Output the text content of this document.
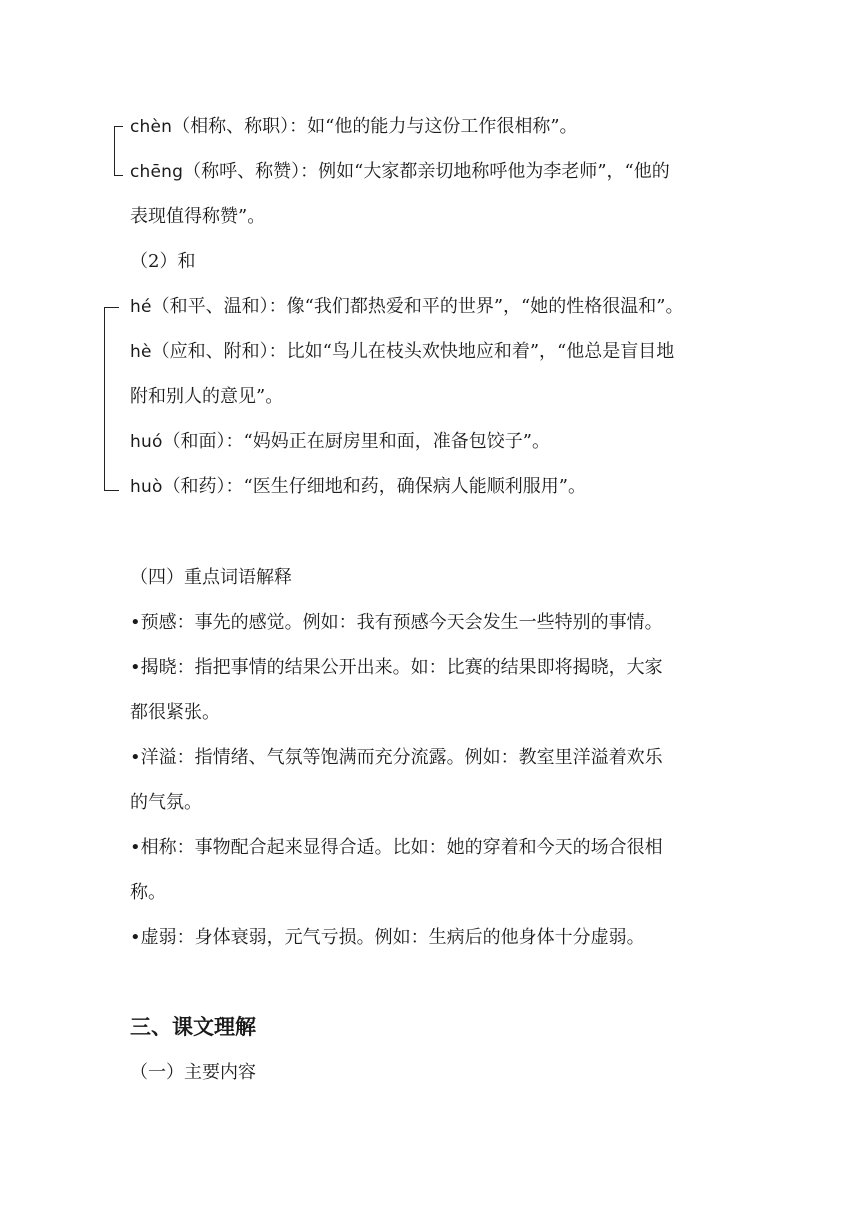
chèn（相称、称职）：如“他的能力与这份工作很相称”。
chēng（称呼、称赞）：例如“大家都亲切地称呼他为李老师”，“他的
表现值得称赞”。
（2）和
hé（和平、温和）：像“我们都热爱和平的世界”，“她的性格很温和”。
hè（应和、附和）：比如“鸟儿在枝头欢快地应和着”，“他总是盲目地
附和别人的意见”。
huó（和面）：“妈妈正在厨房里和面，准备包饺子”。
huò（和药）：“医生仔细地和药，确保病人能顺利服用”。
（四）重点词语解释
•预感：事先的感觉。例如：我有预感今天会发生一些特别的事情。
•揭晓：指把事情的结果公开出来。如：比赛的结果即将揭晓，大家
都很紧张。
•洋溢：指情绪、气氛等饱满而充分流露。例如：教室里洋溢着欢乐
的气氛。
•相称：事物配合起来显得合适。比如：她的穿着和今天的场合很相
称。
•虚弱：身体衰弱，元气亏损。例如：生病后的他身体十分虚弱。
三、课文理解
（一）主要内容
